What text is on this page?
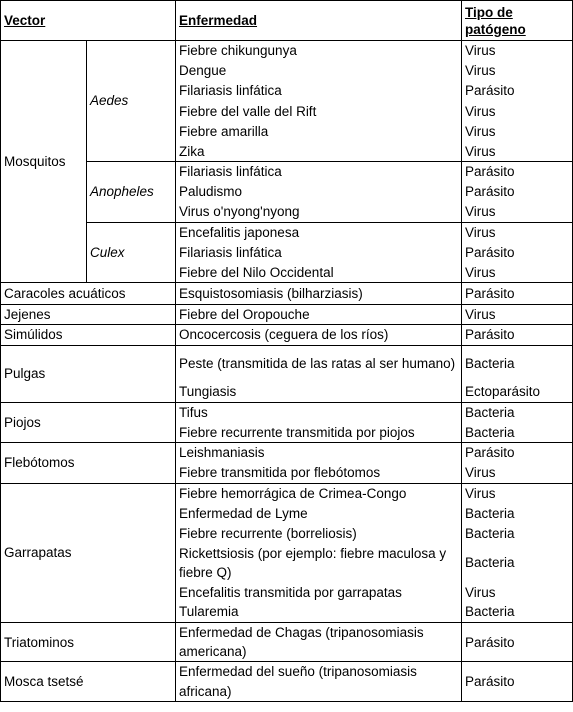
Vector		Enfermedad	Tipo de patógeno
Mosquitos	Aedes	Fiebre chikungunya	Virus
		Dengue	Virus
		Filariasis linfática	Parásito
		Fiebre del valle del Rift	Virus
		Fiebre amarilla	Virus
		Zika	Virus
	Anopheles	Filariasis linfática	Parásito
		Paludismo	Parásito
		Virus o'nyong'nyong	Virus
	Culex	Encefalitis japonesa	Virus
		Filariasis linfática	Parásito
		Fiebre del Nilo Occidental	Virus
Caracoles acuáticos		Esquistosomiasis (bilharziasis)	Parásito
Jejenes		Fiebre del Oropouche	Virus
Simúlidos		Oncocercosis (ceguera de los ríos)	Parásito
Pulgas		Peste (transmitida de las ratas al ser humano)	Bacteria
		Tungiasis	Ectoparásito
Piojos		Tifus	Bacteria
		Fiebre recurrente transmitida por piojos	Bacteria
Flebótomos		Leishmaniasis	Parásito
		Fiebre transmitida por flebótomos	Virus
Garrapatas		Fiebre hemorrágica de Crimea-Congo	Virus
		Enfermedad de Lyme	Bacteria
		Fiebre recurrente (borreliosis)	Bacteria
		Rickettsiosis (por ejemplo: fiebre maculosa y fiebre Q)	Bacteria
		Encefalitis transmitida por garrapatas	Virus
		Tularemia	Bacteria
Triatominos		Enfermedad de Chagas (tripanosomiasis americana)	Parásito
Mosca tsetsé		Enfermedad del sueño (tripanosomiasis africana)	Parásito
